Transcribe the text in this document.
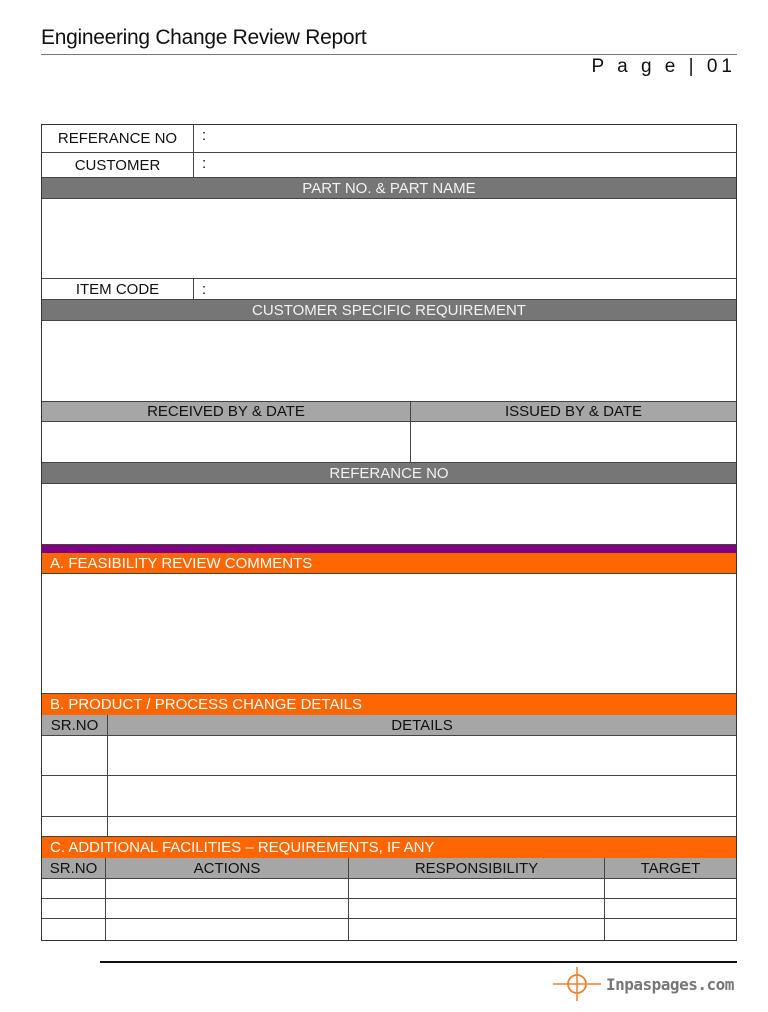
Engineering Change Review Report
P a g e | 01
REFERANCE NO	:
CUSTOMER	:
PART NO. & PART NAME
ITEM CODE	:
CUSTOMER SPECIFIC REQUIREMENT
RECEIVED BY & DATE	ISSUED BY & DATE
REFERANCE NO
A. FEASIBILITY REVIEW COMMENTS
B. PRODUCT / PROCESS CHANGE DETAILS
SR.NO	DETAILS
C. ADDITIONAL FACILITIES – REQUIREMENTS, IF ANY
SR.NO	ACTIONS	RESPONSIBILITY	TARGET
Inpaspages.com
